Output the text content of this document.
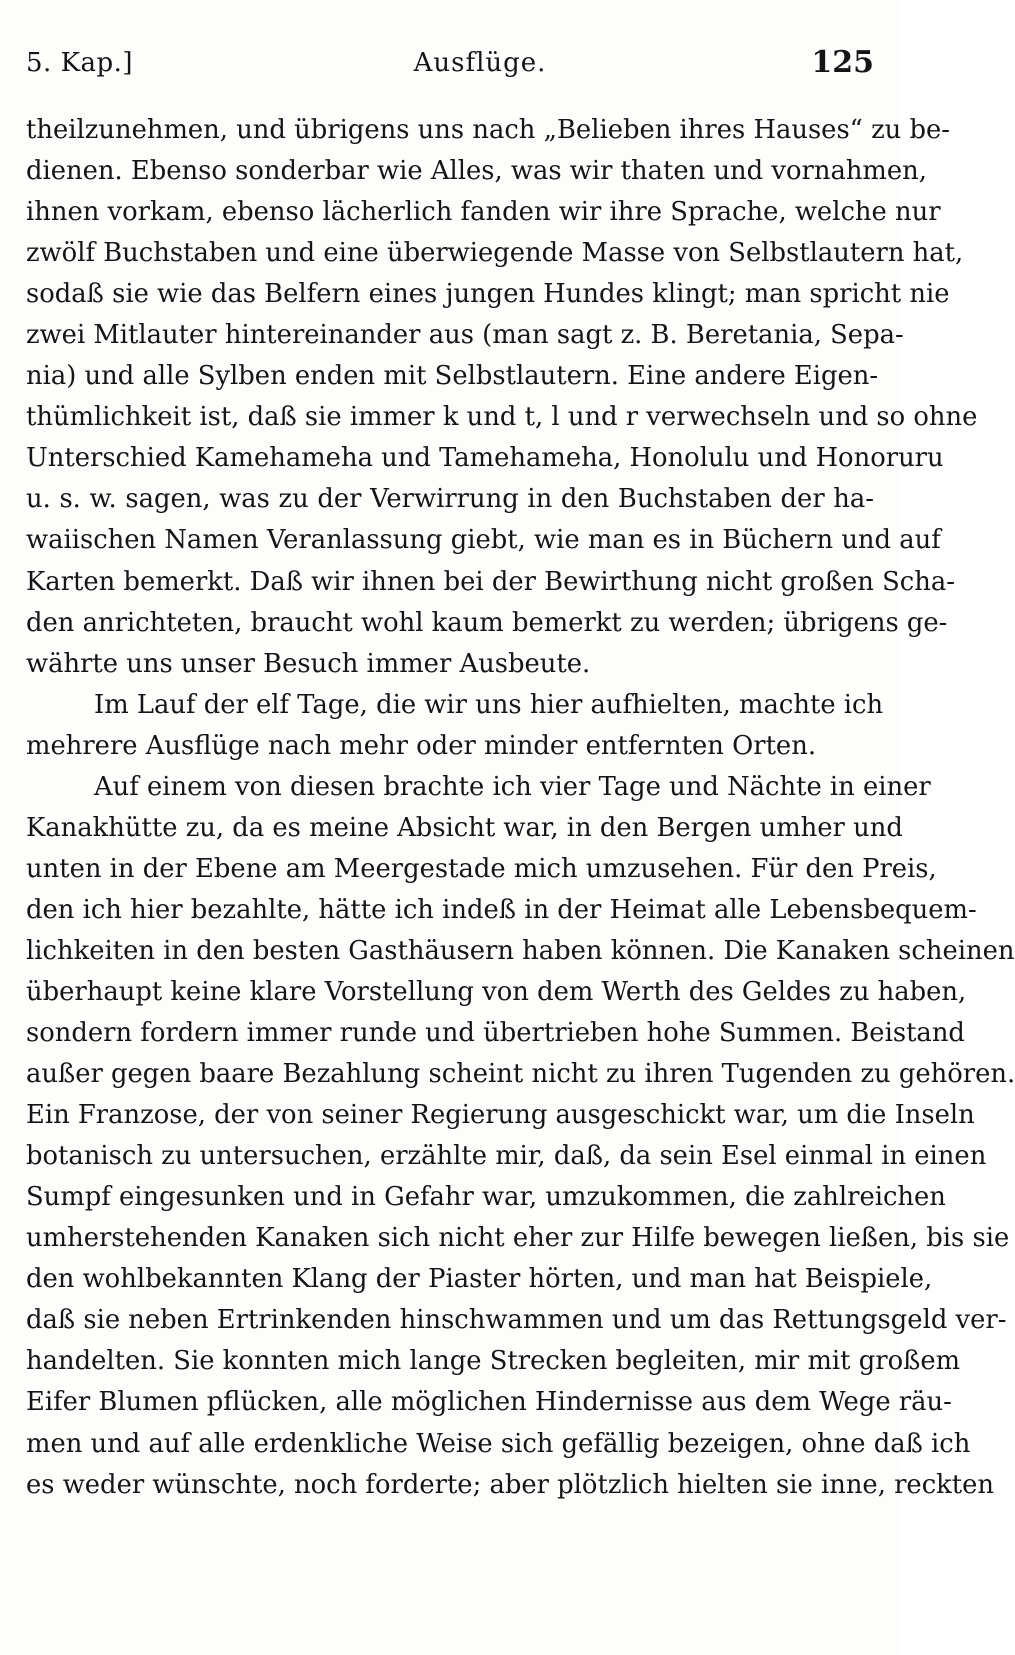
5. Kap.]	Ausflüge.	125
theilzunehmen, und übrigens uns nach „Belieben ihres Hauses“ zu be-
dienen. Ebenso sonderbar wie Alles, was wir thaten und vornahmen,
ihnen vorkam, ebenso lächerlich fanden wir ihre Sprache, welche nur
zwölf Buchstaben und eine überwiegende Masse von Selbstlautern hat,
sodaß sie wie das Belfern eines jungen Hundes klingt; man spricht nie
zwei Mitlauter hintereinander aus (man sagt z. B. Beretania, Sepa-
nia) und alle Sylben enden mit Selbstlautern. Eine andere Eigen-
thümlichkeit ist, daß sie immer k und t, l und r verwechseln und so ohne
Unterschied Kamehameha und Tamehameha, Honolulu und Honoruru
u. s. w. sagen, was zu der Verwirrung in den Buchstaben der ha-
waiischen Namen Veranlassung giebt, wie man es in Büchern und auf
Karten bemerkt. Daß wir ihnen bei der Bewirthung nicht großen Scha-
den anrichteten, braucht wohl kaum bemerkt zu werden; übrigens ge-
währte uns unser Besuch immer Ausbeute.
Im Lauf der elf Tage, die wir uns hier aufhielten, machte ich
mehrere Ausflüge nach mehr oder minder entfernten Orten.
Auf einem von diesen brachte ich vier Tage und Nächte in einer
Kanakhütte zu, da es meine Absicht war, in den Bergen umher und
unten in der Ebene am Meergestade mich umzusehen. Für den Preis,
den ich hier bezahlte, hätte ich indeß in der Heimat alle Lebensbequem-
lichkeiten in den besten Gasthäusern haben können. Die Kanaken scheinen
überhaupt keine klare Vorstellung von dem Werth des Geldes zu haben,
sondern fordern immer runde und übertrieben hohe Summen. Beistand
außer gegen baare Bezahlung scheint nicht zu ihren Tugenden zu gehören.
Ein Franzose, der von seiner Regierung ausgeschickt war, um die Inseln
botanisch zu untersuchen, erzählte mir, daß, da sein Esel einmal in einen
Sumpf eingesunken und in Gefahr war, umzukommen, die zahlreichen
umherstehenden Kanaken sich nicht eher zur Hilfe bewegen ließen, bis sie
den wohlbekannten Klang der Piaster hörten, und man hat Beispiele,
daß sie neben Ertrinkenden hinschwammen und um das Rettungsgeld ver-
handelten. Sie konnten mich lange Strecken begleiten, mir mit großem
Eifer Blumen pflücken, alle möglichen Hindernisse aus dem Wege räu-
men und auf alle erdenkliche Weise sich gefällig bezeigen, ohne daß ich
es weder wünschte, noch forderte; aber plötzlich hielten sie inne, reckten
